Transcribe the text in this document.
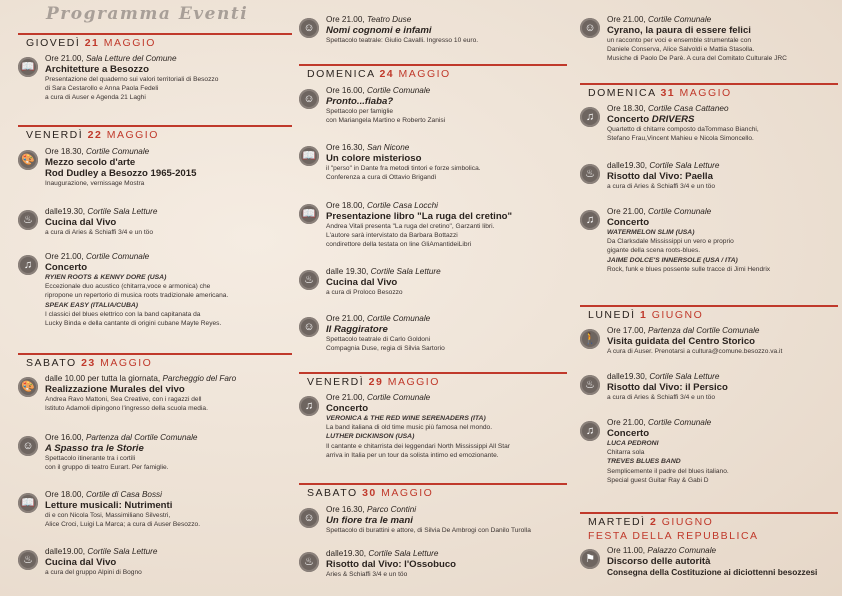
Programma Eventi
GIOVEDÌ 21 MAGGIO
📖
Ore 21.00, Sala Letture del Comune
Architetture a Besozzo
Presentazione del quaderno sui valori territoriali di Besozzo
di Sara Cestarollo e Anna Paola Fedeli
a cura di Auser e Agenda 21 Laghi
VENERDÌ 22 MAGGIO
🎨
Ore 18.30, Cortile Comunale
Mezzo secolo d'arte
Rod Dudley a Besozzo 1965-2015
Inaugurazione, vernissage Mostra
♨
dalle19.30, Cortile Sala Letture
Cucina dal Vivo
a cura di Aries & Schiaffi 3/4 e un töo
♫
Ore 21.00, Cortile Comunale
Concerto
RYIEN ROOTS & KENNY DORE (USA)
Eccezionale duo acustico (chitarra,voce e armonica) che
ripropone un repertorio di musica roots tradizionale americana.
SPEAK EASY (ITALIA/CUBA)
I classici del blues elettrico con la band capitanata da
Lucky Binda e della cantante di origini cubane Mayte Reyes.
SABATO 23 MAGGIO
🎨
dalle 10.00 per tutta la giornata, Parcheggio del Faro
Realizzazione Murales del vivo
Andrea Ravo Mattoni, Sea Creative, con i ragazzi dell
Istituto Adamoli dipingono l'ingresso della scuola media.
☺
Ore 16.00, Partenza dal Cortile Comunale
A Spasso tra le Storie
Spettacolo itinerante tra i cortili
con il gruppo di teatro Eurart. Per famiglie.
📖
Ore 18.00, Cortile di Casa Bossi
Letture musicali: Nutrimenti
di e con Nicola Tosi, Massimiliano Silvestri,
Alice Croci, Luigi La Marca; a cura di Auser Besozzo.
♨
dalle19.00, Cortile Sala Letture
Cucina dal Vivo
a cura del gruppo Alpini di Bogno
☺
Ore 21.00, Teatro Duse
Nomi cognomi e infami
Spettacolo teatrale: Giulio Cavalli. Ingresso 10 euro.
DOMENICA 24 MAGGIO
☺
Ore 16.00, Cortile Comunale
Pronto...fiaba?
Spettacolo per famiglie
con Mariangela Martino e Roberto Zanisi
📖
Ore 16.30, San Nicone
Un colore misterioso
il "perso" in Dante fra metodi tintori e forze simbolica.
Conferenza a cura di Ottavio Brigandì
📖
Ore 18.00, Cortile Casa Locchi
Presentazione libro "La ruga del cretino"
Andrea Vitali presenta "La ruga del cretino", Garzanti libri.
L'autore sarà intervistato da Barbara Bottazzi
condirettore della testata on line GliAmantideiLibri
♨
dalle 19.30, Cortile Sala Letture
Cucina dal Vivo
a cura di Proloco Besozzo
☺
Ore 21.00, Cortile Comunale
Il Raggiratore
Spettacolo teatrale di Carlo Goldoni
Compagnia Duse, regia di Silvia Sartorio
VENERDÌ 29 MAGGIO
♫
Ore 21.00, Cortile Comunale
Concerto
VERONICA & THE RED WINE SERENADERS (ITA)
La band italiana di old time music più famosa nel mondo.
LUTHER DICKINSON (USA)
Il cantante e chitarrista dei leggendari North Mississippi All Star
arriva in Italia per un tour da solista intimo ed emozionante.
SABATO 30 MAGGIO
☺
Ore 16.30, Parco Contini
Un fiore tra le mani
Spettacolo di burattini e attore, di Silvia De Ambrogi con Danilo Turolla
♨
dalle19.30, Cortile Sala Letture
Risotto dal Vivo: l'Ossobuco
Aries & Schiaffi 3/4 e un töo
☺
Ore 21.00, Cortile Comunale
Cyrano, la paura di essere felici
un racconto per voci e ensemble strumentale con
Daniele Conserva, Alice Salvoldi e Mattia Stasolla.
Musiche di Paolo De Parè. A cura del Comitato Culturale JRC
DOMENICA 31 MAGGIO
♫
Ore 18.30, Cortile Casa Cattaneo
Concerto DRIVERS
Quartetto di chitarre composto daTommaso Bianchi,
Stefano Frau,Vincent Mahieu e Nicola Simoncello.
♨
dalle19.30, Cortile Sala Letture
Risotto dal Vivo: Paella
a cura di Aries & Schiaffi 3/4 e un töo
♫
Ore 21.00, Cortile Comunale
Concerto
WATERMELON SLIM (USA)
Da Clarksdale Mississippi un vero e proprio
gigante della scena roots-blues.
JAIME DOLCE'S INNERSOLE (USA / ITA)
Rock, funk e blues possente sulle tracce di Jimi Hendrix
LUNEDÌ 1 GIUGNO
🚶
Ore 17.00, Partenza dal Cortile Comunale
Visita guidata del Centro Storico
A cura di Auser. Prenotarsi a cultura@comune.besozzo.va.it
♨
dalle19.30, Cortile Sala Letture
Risotto dal Vivo: il Persico
a cura di Aries & Schiaffi 3/4 e un töo
♫
Ore 21.00, Cortile Comunale
Concerto
LUCA PEDRONI
Chitarra sola
TREVES BLUES BAND
Semplicemente il padre del blues italiano.
Special guest Guitar Ray & Gabi D
MARTEDÌ 2 GIUGNO
FESTA DELLA REPUBBLICA
⚑
Ore 11.00, Palazzo Comunale
Discorso delle autorità
Consegna della Costituzione ai diciottenni besozzesi
